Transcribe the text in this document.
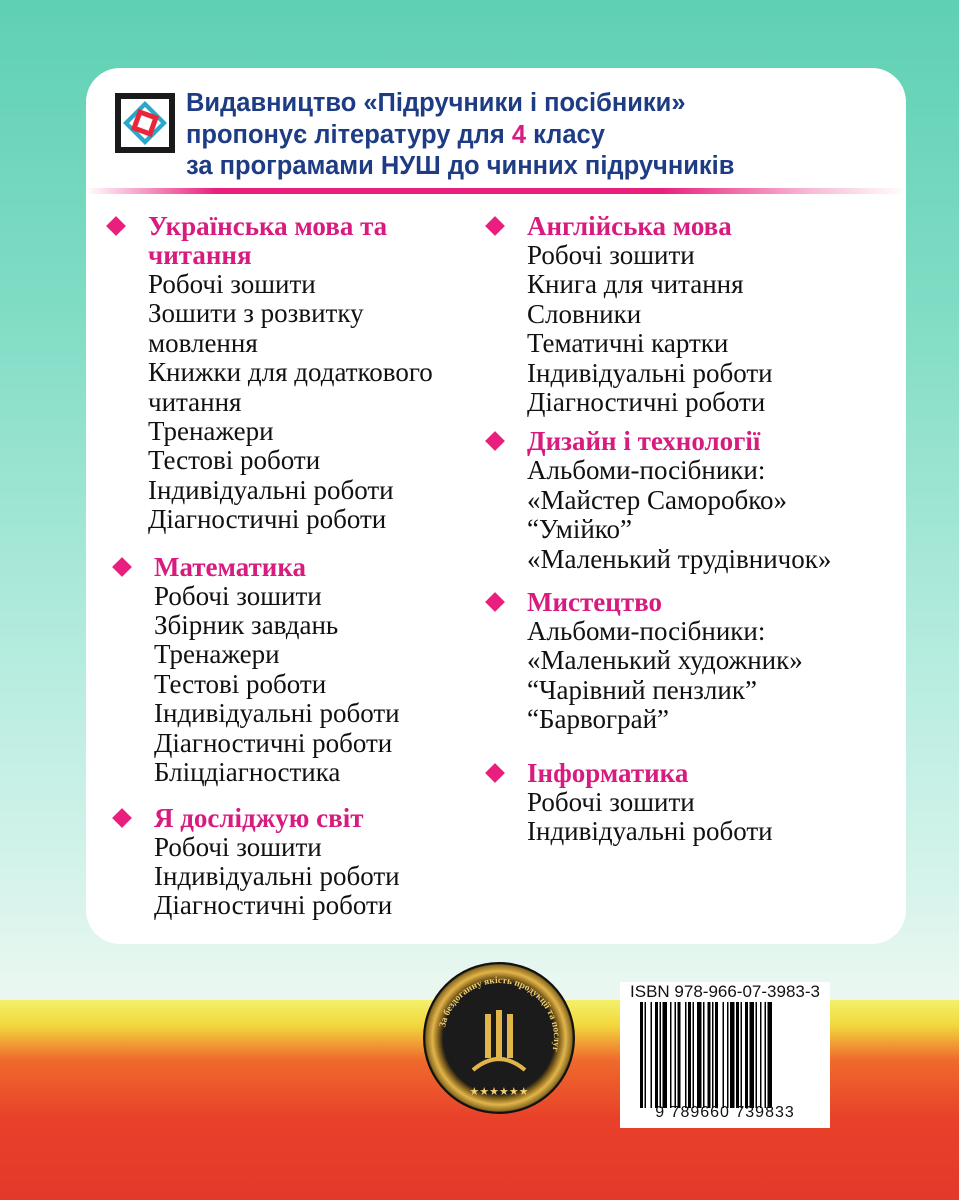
Видавництво «Підручники і посібники»
пропонує літературу для 4 класу
за програмами НУШ до чинних підручників
Українська мова та читання
Робочі зошити
Зошити з розвитку мовлення
Книжки для додаткового читання
Тренажери
Тестові роботи
Індивідуальні роботи
Діагностичні роботи
Математика
Робочі зошити
Збірник завдань
Тренажери
Тестові роботи
Індивідуальні роботи
Діагностичні роботи
Бліцдіагностика
Я досліджую світ
Робочі зошити
Індивідуальні роботи
Діагностичні роботи
Англійська мова
Робочі зошити
Книга для читання
Словники
Тематичні картки
Індивідуальні роботи
Діагностичні роботи
Дизайн і технології
Альбоми-посібники:
«Майстер Саморобко»
“Умійко”
«Маленький трудівничок»
Мистецтво
Альбоми-посібники:
«Маленький художник»
“Чарівний пензлик”
“Барвограй”
Інформатика
Робочі зошити
Індивідуальні роботи
За бездоганну якість продукції та послуг
★★★★★★
ISBN 978-966-07-3983-3
9 789660 739833
